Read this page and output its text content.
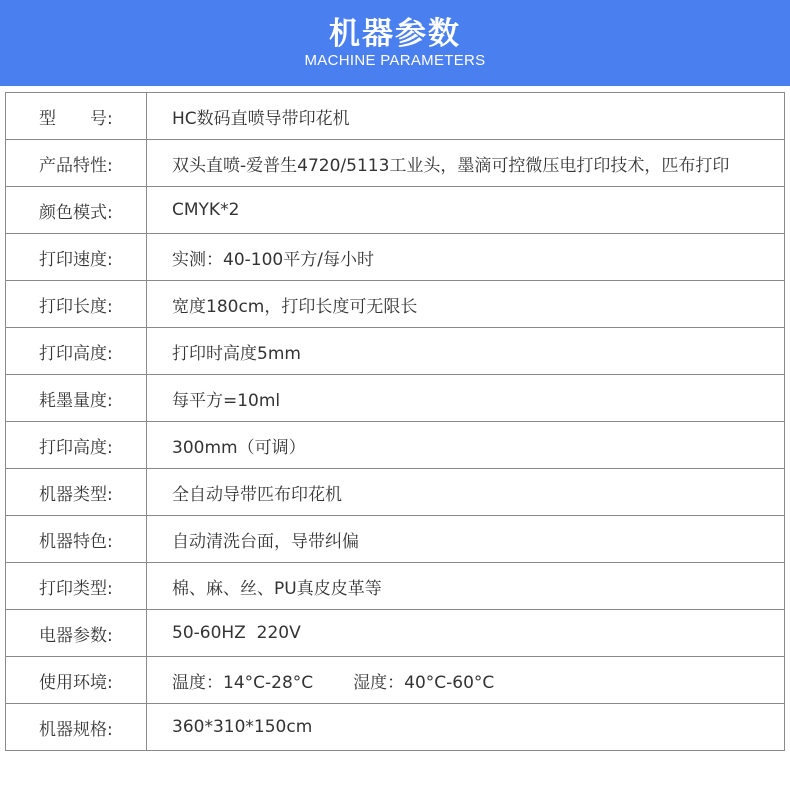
机器参数
MACHINE PARAMETERS
型　　号:	HC数码直喷导带印花机
产品特性:	双头直喷-爱普生4720/5113工业头，墨滴可控微压电打印技术，匹布打印
颜色模式:	CMYK*2
打印速度:	实测：40-100平方/每小时
打印长度:	宽度180cm，打印长度可无限长
打印高度:	打印时高度5mm
耗墨量度:	每平方=10ml
打印高度:	300mm（可调）
机器类型:	全自动导带匹布印花机
机器特色:	自动清洗台面，导带纠偏
打印类型:	棉、麻、丝、PU真皮皮革等
电器参数:	50-60HZ  220V
使用环境:	温度：14°C-28°C 湿度：40°C-60°C
机器规格:	360*310*150cm
